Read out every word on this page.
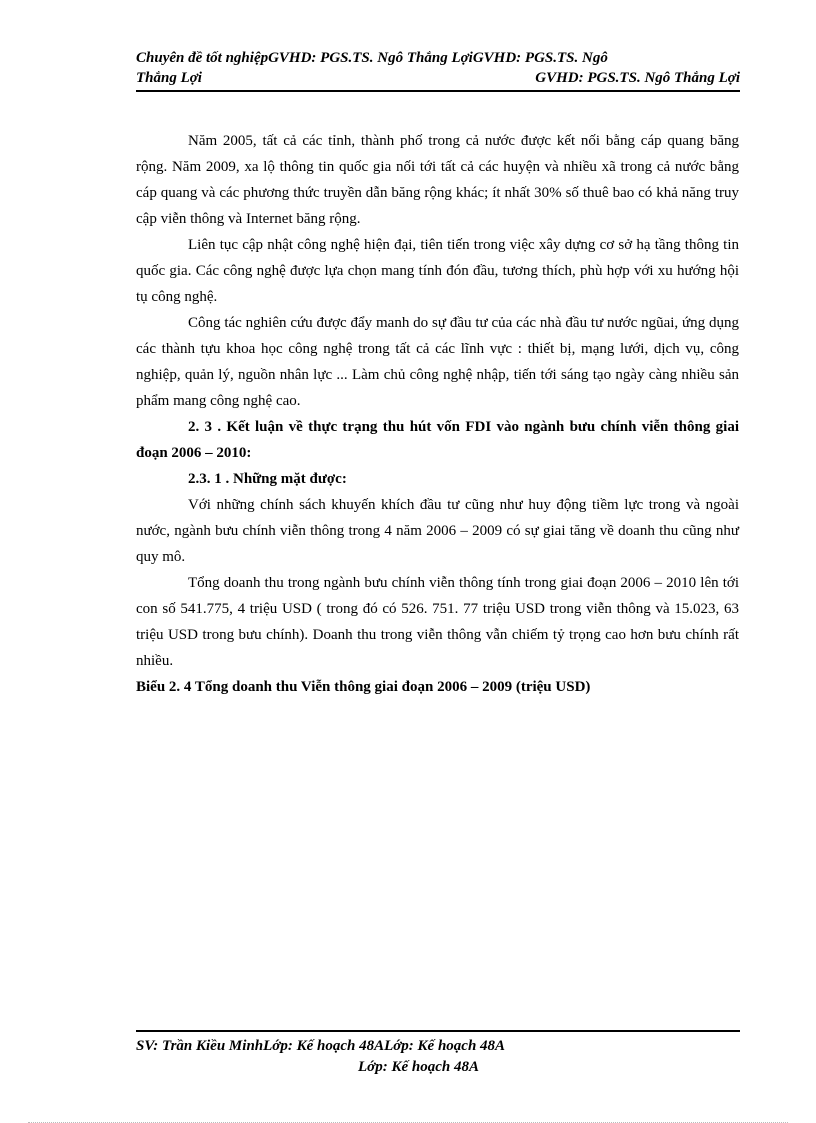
Chuyên đề tốt nghiệpGVHD: PGS.TS. Ngô Thắng LợiGVHD: PGS.TS. Ngô
Thắng Lợi	GVHD: PGS.TS. Ngô Thắng Lợi

Năm 2005, tất cả các tỉnh, thành phố trong cả nước được kết nối bằng cáp quang băng rộng. Năm 2009, xa lộ thông tin quốc gia nối tới tất cả các huyện và nhiều xã trong cả nước bằng cáp quang và các phương thức truyền dẫn băng rộng khác; ít nhất 30% số thuê bao có khả năng truy cập viễn thông và Internet băng rộng.

Liên tục cập nhật công nghệ hiện đại, tiên tiến trong việc xây dựng cơ sở hạ tầng thông tin quốc gia. Các công nghệ được lựa chọn mang tính đón đầu, tương thích, phù hợp với xu hướng hội tụ công nghệ.

Công tác nghiên cứu được đẩy manh do sự đầu tư của các nhà đầu tư nước ngũai, ứng dụng các thành tựu khoa học công nghệ trong tất cả các lĩnh vực : thiết bị, mạng lưới, dịch vụ, công nghiệp, quản lý, nguồn nhân lực ... Làm chủ công nghệ nhập, tiến tới sáng tạo ngày càng nhiều sản phẩm mang công nghệ cao.

2. 3 . Kết luận về thực trạng thu hút vốn FDI vào ngành bưu chính viễn thông giai đoạn 2006 – 2010:

2.3. 1 . Những mặt được:

Với những chính sách khuyến khích đầu tư cũng như huy động tiềm lực trong và ngoài nước, ngành bưu chính viễn thông trong 4 năm 2006 – 2009 có sự giai tăng về doanh thu cũng như quy mô.

Tổng doanh thu trong ngành bưu chính viễn thông tính trong giai đoạn 2006 – 2010 lên tới con số 541.775, 4 triệu USD ( trong đó có 526. 751. 77 triệu USD trong viễn thông và 15.023, 63 triệu USD trong bưu chính). Doanh thu trong viễn thông vẫn chiếm tỷ trọng cao hơn bưu chính rất nhiều.

Biểu 2. 4 Tổng doanh thu Viễn thông giai đoạn 2006 – 2009 (triệu USD)

SV: Trần Kiều MinhLớp: Kế hoạch 48ALớp: Kế hoạch 48A
Lớp: Kế hoạch 48A
